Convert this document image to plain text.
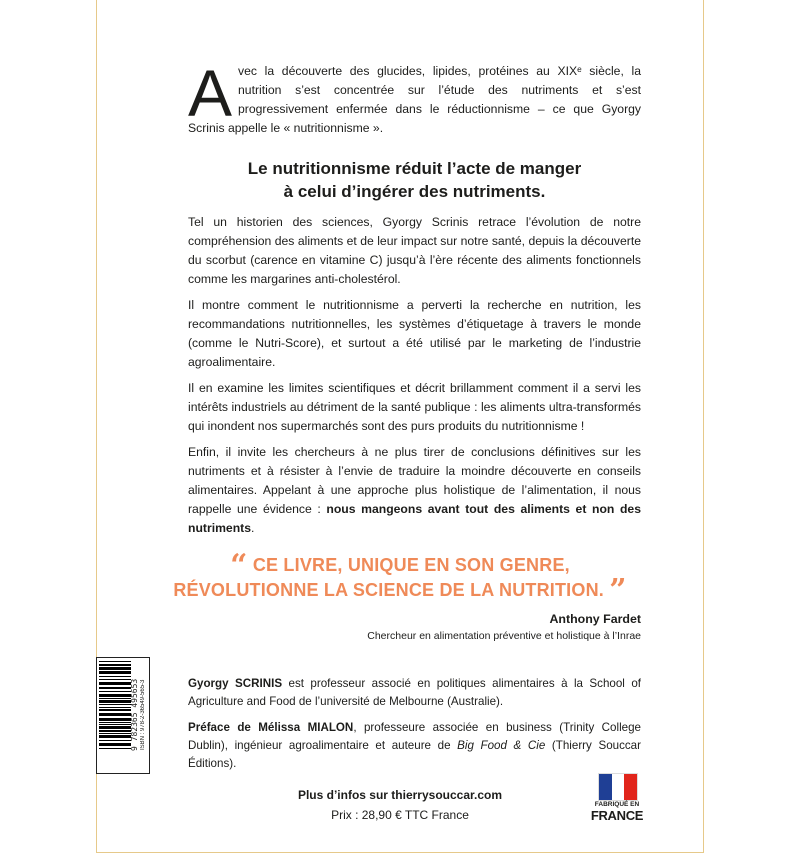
A vec la découverte des glucides, lipides, protéines au XIXᵉ siècle, la nutrition s’est concentrée sur l’étude des nutriments et s’est progressivement enfermée dans le réductionnisme – ce que Gyorgy Scrinis appelle le « nutritionnisme ».
Le nutritionnisme réduit l’acte de manger
à celui d’ingérer des nutriments.

Tel un historien des sciences, Gyorgy Scrinis retrace l’évolution de notre compréhension des aliments et de leur impact sur notre santé, depuis la découverte du scorbut (carence en vitamine C) jusqu’à l’ère récente des aliments fonctionnels comme les margarines anti-cholestérol.

Il montre comment le nutritionnisme a perverti la recherche en nutrition, les recommandations nutritionnelles, les systèmes d’étiquetage à travers le monde (comme le Nutri-Score), et surtout a été utilisé par le marketing de l’industrie agroalimentaire.

Il en examine les limites scientifiques et décrit brillamment comment il a servi les intérêts industriels au détriment de la santé publique : les aliments ultra-transformés qui inondent nos supermarchés sont des purs produits du nutritionnisme !

Enfin, il invite les chercheurs à ne plus tirer de conclusions définitives sur les nutriments et à résister à l’envie de traduire la moindre découverte en conseils alimentaires. Appelant à une approche plus holistique de l’alimentation, il nous rappelle une évidence : nous mangeons avant tout des aliments et non des nutriments.

“ CE LIVRE, UNIQUE EN SON GENRE,
RÉVOLUTIONNE LA SCIENCE DE LA NUTRITION. ”
Anthony Fardet
Chercheur en alimentation préventive et holistique à l’Inrae
9 782365 495653 ISBN : 978-2-36549-565-3	Gyorgy SCRINIS est professeur associé en politiques alimentaires à la School of Agriculture and Food de l’université de Melbourne (Australie).

Préface de Mélissa MIALON, professeure associée en business (Trinity College Dublin), ingénieur agroalimentaire et auteure de Big Food & Cie (Thierry Souccar Éditions).

Plus d’infos sur thierrysouccar.com
Prix : 28,90 € TTC France
FABRIQUÉ EN
FRANCE
